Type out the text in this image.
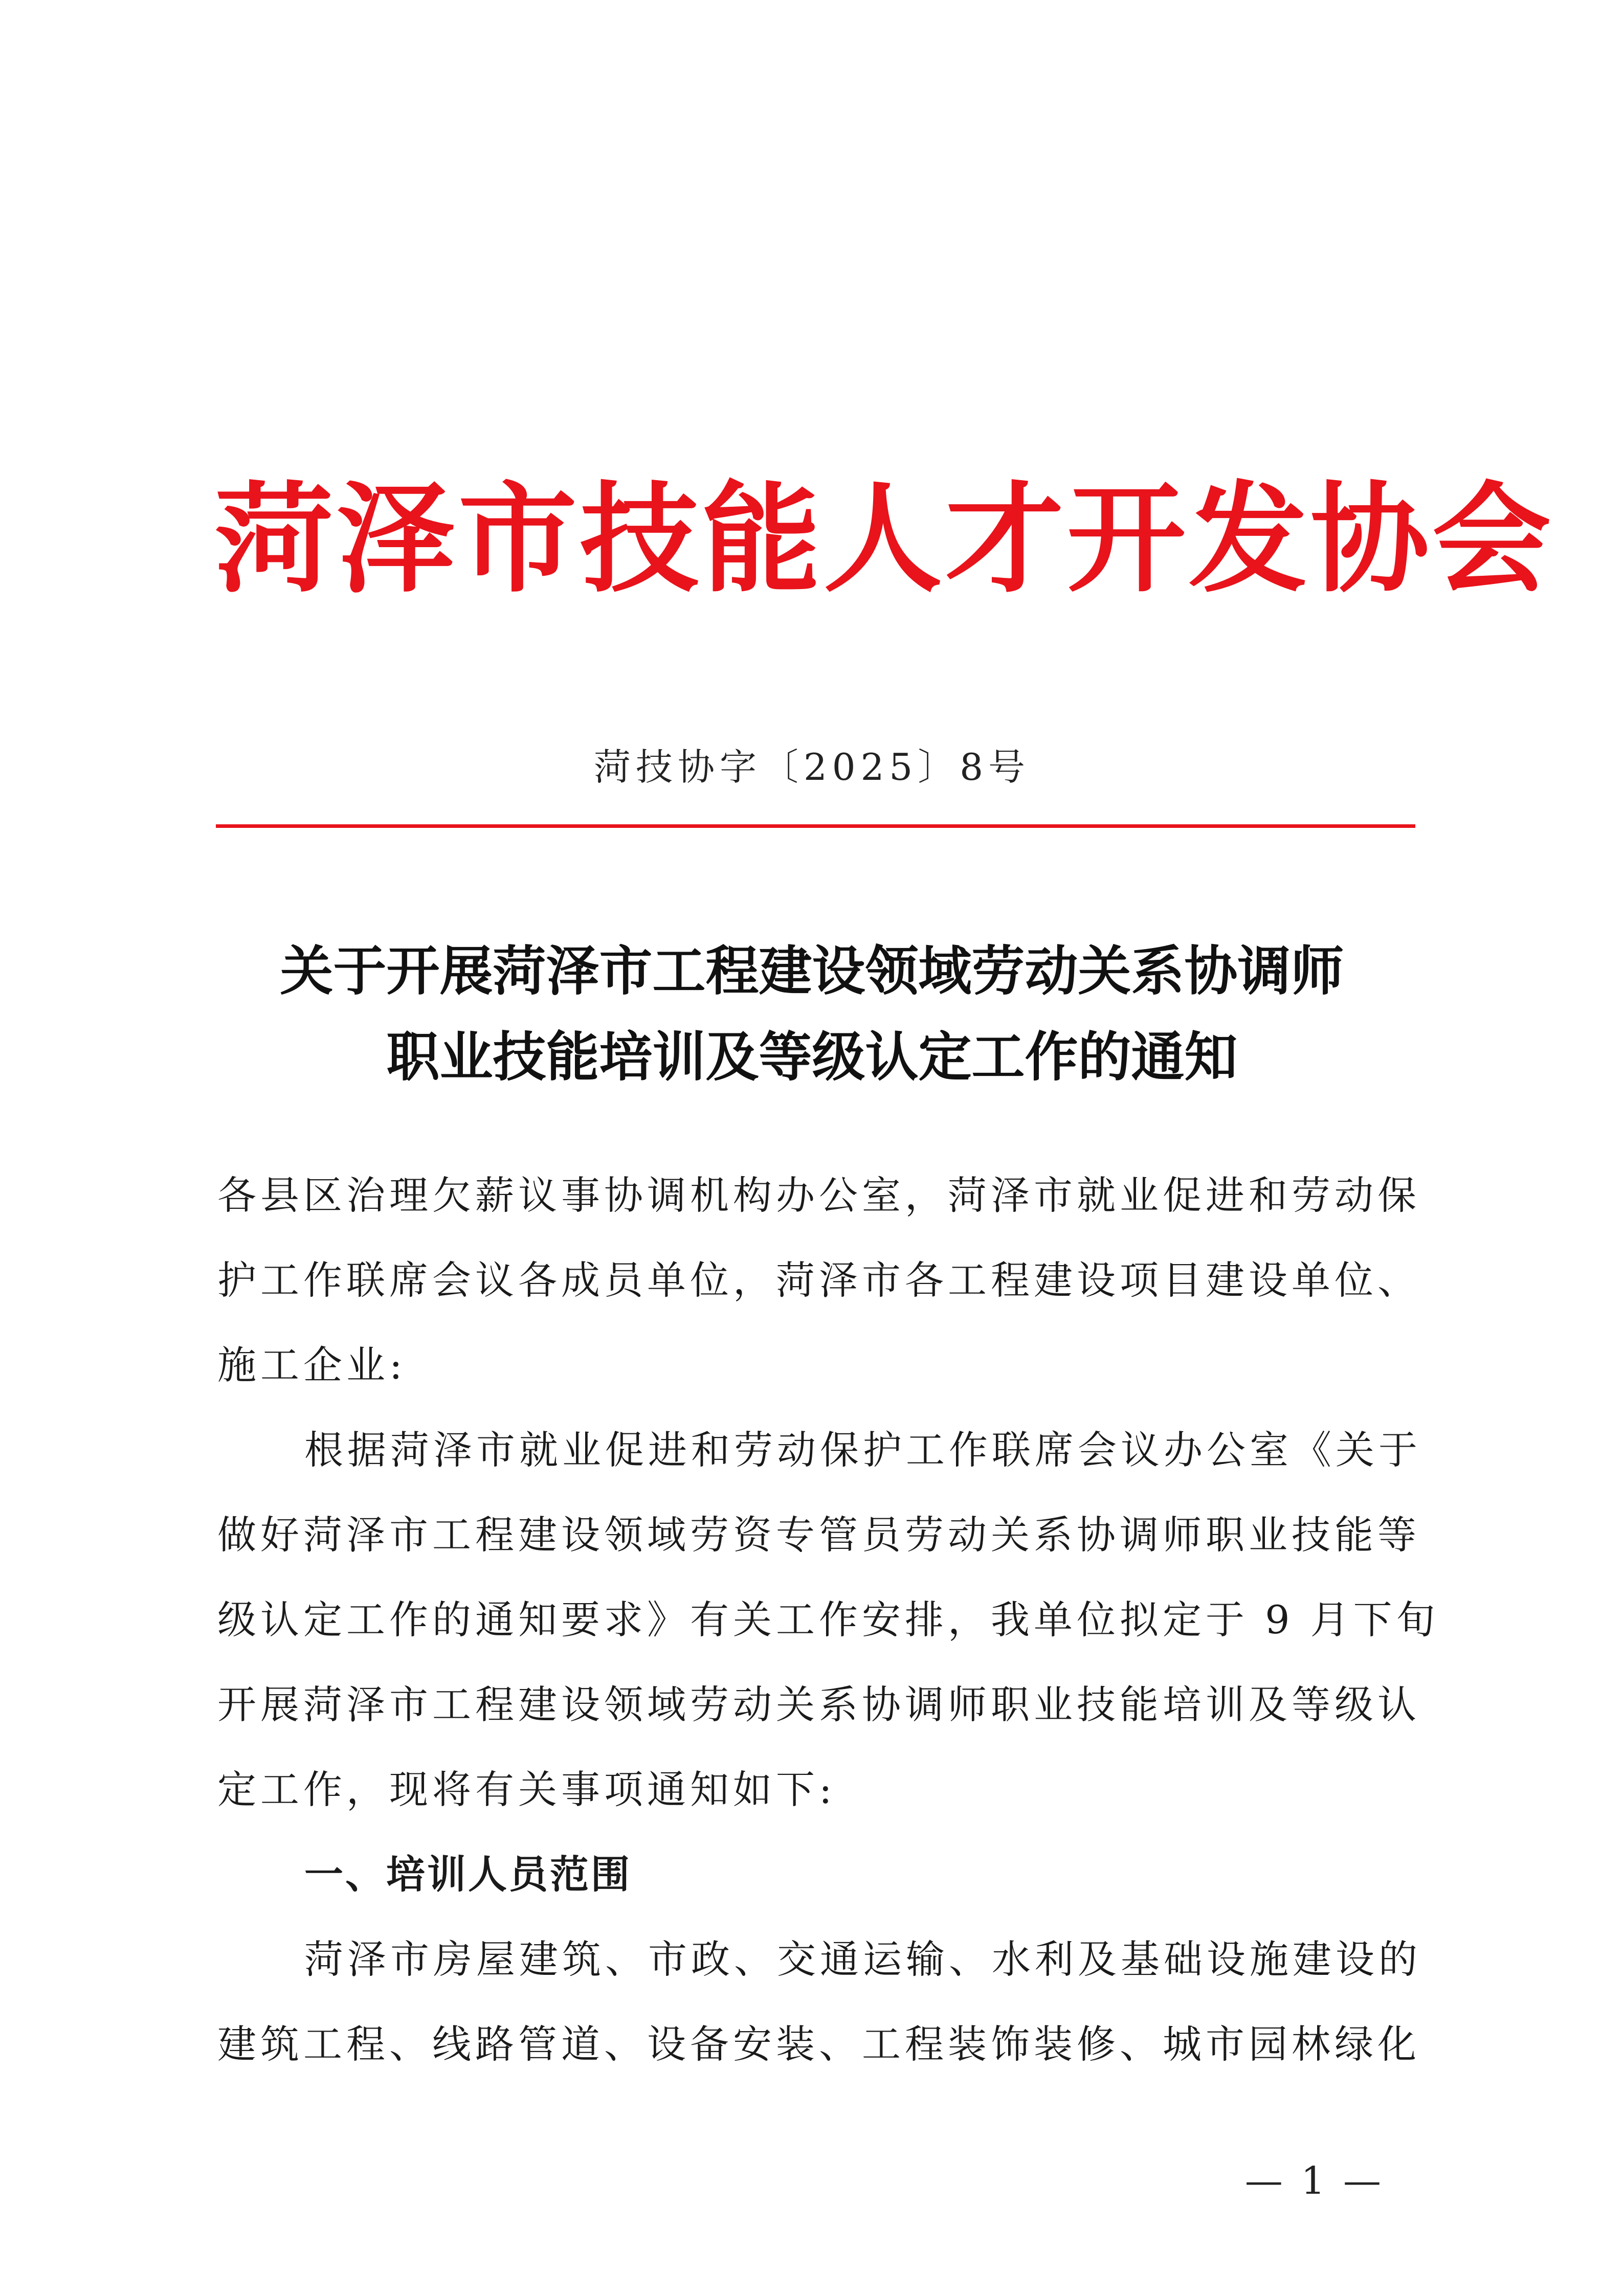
菏泽市技能人才开发协会
菏技协字〔2025〕8号
关于开展菏泽市工程建设领域劳动关系协调师
职业技能培训及等级认定工作的通知
各县区治理欠薪议事协调机构办公室，菏泽市就业促进和劳动保
护工作联席会议各成员单位，菏泽市各工程建设项目建设单位、
施工企业:
根据菏泽市就业促进和劳动保护工作联席会议办公室《关于
做好菏泽市工程建设领域劳资专管员劳动关系协调师职业技能等
级认定工作的通知要求》有关工作安排，我单位拟定于 9 月下旬
开展菏泽市工程建设领域劳动关系协调师职业技能培训及等级认
定工作，现将有关事项通知如下:
一、培训人员范围
菏泽市房屋建筑、市政、交通运输、水利及基础设施建设的
建筑工程、线路管道、设备安装、工程装饰装修、城市园林绿化
— 1 —
